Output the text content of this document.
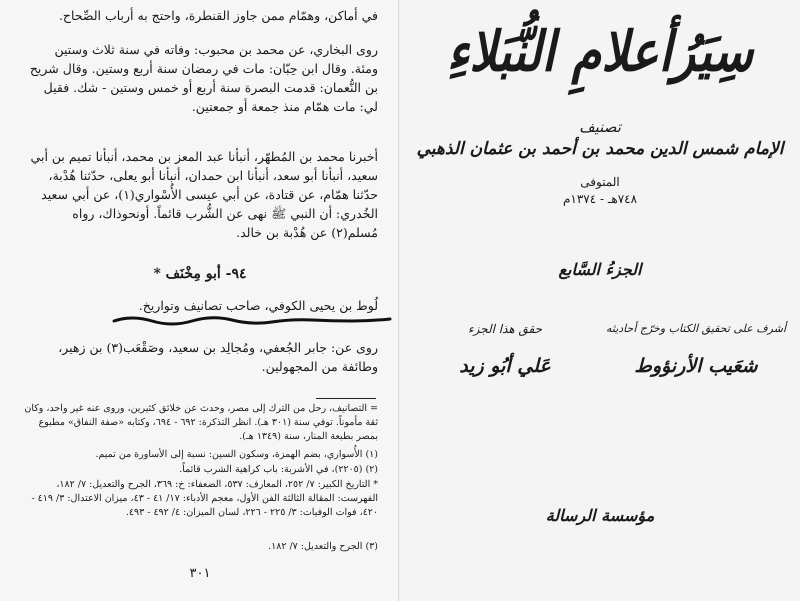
في أماكن، وهمّام ممن جاوز القنطرة، واحتج به أرباب الصِّحاح.

روى البخاري، عن محمد بن محبوب: وفاته في سنة ثلاث وستين ومئة. وقال ابن حِبّان: مات في رمضان سنة أربع وستين. وقال شريح بن النُّعمان: قدمت البصرة سنة أربع أو خمس وستين - شك. فقيل لي: مات همّام منذ جمعة أو جمعتين.

أخبرنا محمد بن المُطهّر، أنبأنا عبد المعز بن محمد، أنبأنا تميم بن أبي سعيد، أنبأنا أبو سعد، أنبأنا ابن حمدان، أنبأنا أبو يعلى، حدّثنا هُدْبة، حدّثنا همّام، عن قتادة، عن أبي عيسى الأُسْواري(١)، عن أبي سعيد الخُدري: أن النبي ﷺ نهى عن الشُّرب قائماً. أونحوذاك، رواه مُسلم(٢) عن هُدْبة بن خالد.

٩٤- أبو مِخْنَف *

لُوط بن يحيى الكوفي، صاحب تصانيف وتواريخ.

روى عن: جابر الجُعفي، ومُجالِد بن سعيد، وصَقْعَب(٣) بن زهير، وطائفة من المجهولين.

= التصانيف، رحل من الترك إلى مصر، وحدث عن خلائق كثيرين، وروى عنه غير واحد، وكان ثقة مأموناً. توفي سنة (٣٠١ هـ). انظر التذكرة: ٦٩٢ - ٦٩٤، وكتابه «صفة النفاق» مطبوع بمصر بطبعة المنار، سنة (١٣٤٩ هـ).

(١) الأُسواري، بضم الهمزة، وسكون السين: نسبة إلى الأساورة من تميم.

(٢) (٢٢٠٥)، في الأشربة: باب كراهية الشرب قائماً.

* التاريخ الكبير: ٧/ ٢٥٢، المعارف: ٥٣٧، الضعفاء: خ: ٣٦٩، الجرح والتعديل: ٧/ ١٨٢، الفهرست: المقالة الثالثة الفن الأول، معجم الأدباء: ١٧/ ٤١ - ٤٣، ميزان الاعتدال: ٣/ ٤١٩ - ٤٢٠، فوات الوفيات: ٣/ ٢٢٥ - ٢٢٦، لسان الميزان: ٤/ ٤٩٢ - ٤٩٣.

(٣) الجرح والتعديل: ٧/ ١٨٢.

٣٠١
سِيَرُأعلامِ النُّبَلاءِ

تصنيف

الإمام شمس الدين محمد بن أحمد بن عثمان الذهبي

المتوفى

٧٤٨هـ - ١٣٧٤م

الجزءُ السَّابع

أشرف على تحقيق الكتاب وخرّج أحاديثه

حقق هذا الجزء

شعَيب الأرنؤوط

عَلي أبُو زيد

مؤسسة الرسالة
